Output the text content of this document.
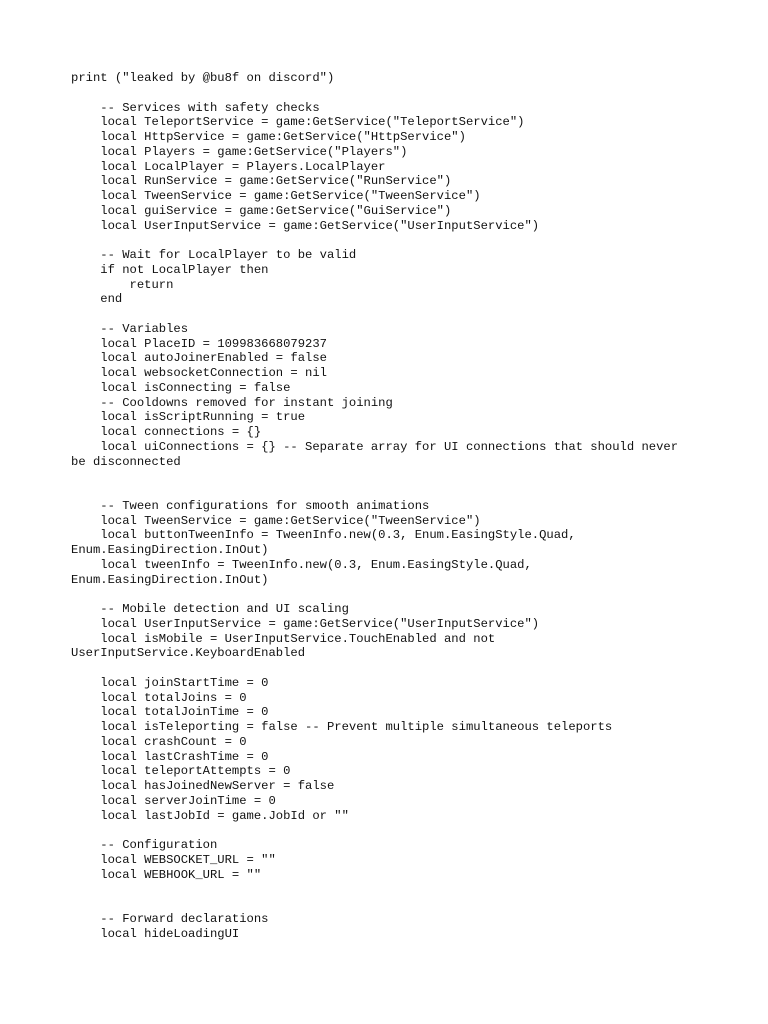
print ("leaked by @bu8f on discord")
-- Services with safety checks
local TeleportService = game:GetService("TeleportService")
local HttpService = game:GetService("HttpService")
local Players = game:GetService("Players")
local LocalPlayer = Players.LocalPlayer
local RunService = game:GetService("RunService")
local TweenService = game:GetService("TweenService")
local guiService = game:GetService("GuiService")
local UserInputService = game:GetService("UserInputService")
-- Wait for LocalPlayer to be valid
if not LocalPlayer then
return
end
-- Variables
local PlaceID = 109983668079237
local autoJoinerEnabled = false
local websocketConnection = nil
local isConnecting = false
-- Cooldowns removed for instant joining
local isScriptRunning = true
local connections = {}
local uiConnections = {} -- Separate array for UI connections that should never
be disconnected
-- Tween configurations for smooth animations
local TweenService = game:GetService("TweenService")
local buttonTweenInfo = TweenInfo.new(0.3, Enum.EasingStyle.Quad,
Enum.EasingDirection.InOut)
local tweenInfo = TweenInfo.new(0.3, Enum.EasingStyle.Quad,
Enum.EasingDirection.InOut)
-- Mobile detection and UI scaling
local UserInputService = game:GetService("UserInputService")
local isMobile = UserInputService.TouchEnabled and not
UserInputService.KeyboardEnabled
local joinStartTime = 0
local totalJoins = 0
local totalJoinTime = 0
local isTeleporting = false -- Prevent multiple simultaneous teleports
local crashCount = 0
local lastCrashTime = 0
local teleportAttempts = 0
local hasJoinedNewServer = false
local serverJoinTime = 0
local lastJobId = game.JobId or ""
-- Configuration
local WEBSOCKET_URL = ""
local WEBHOOK_URL = ""
-- Forward declarations
local hideLoadingUI
